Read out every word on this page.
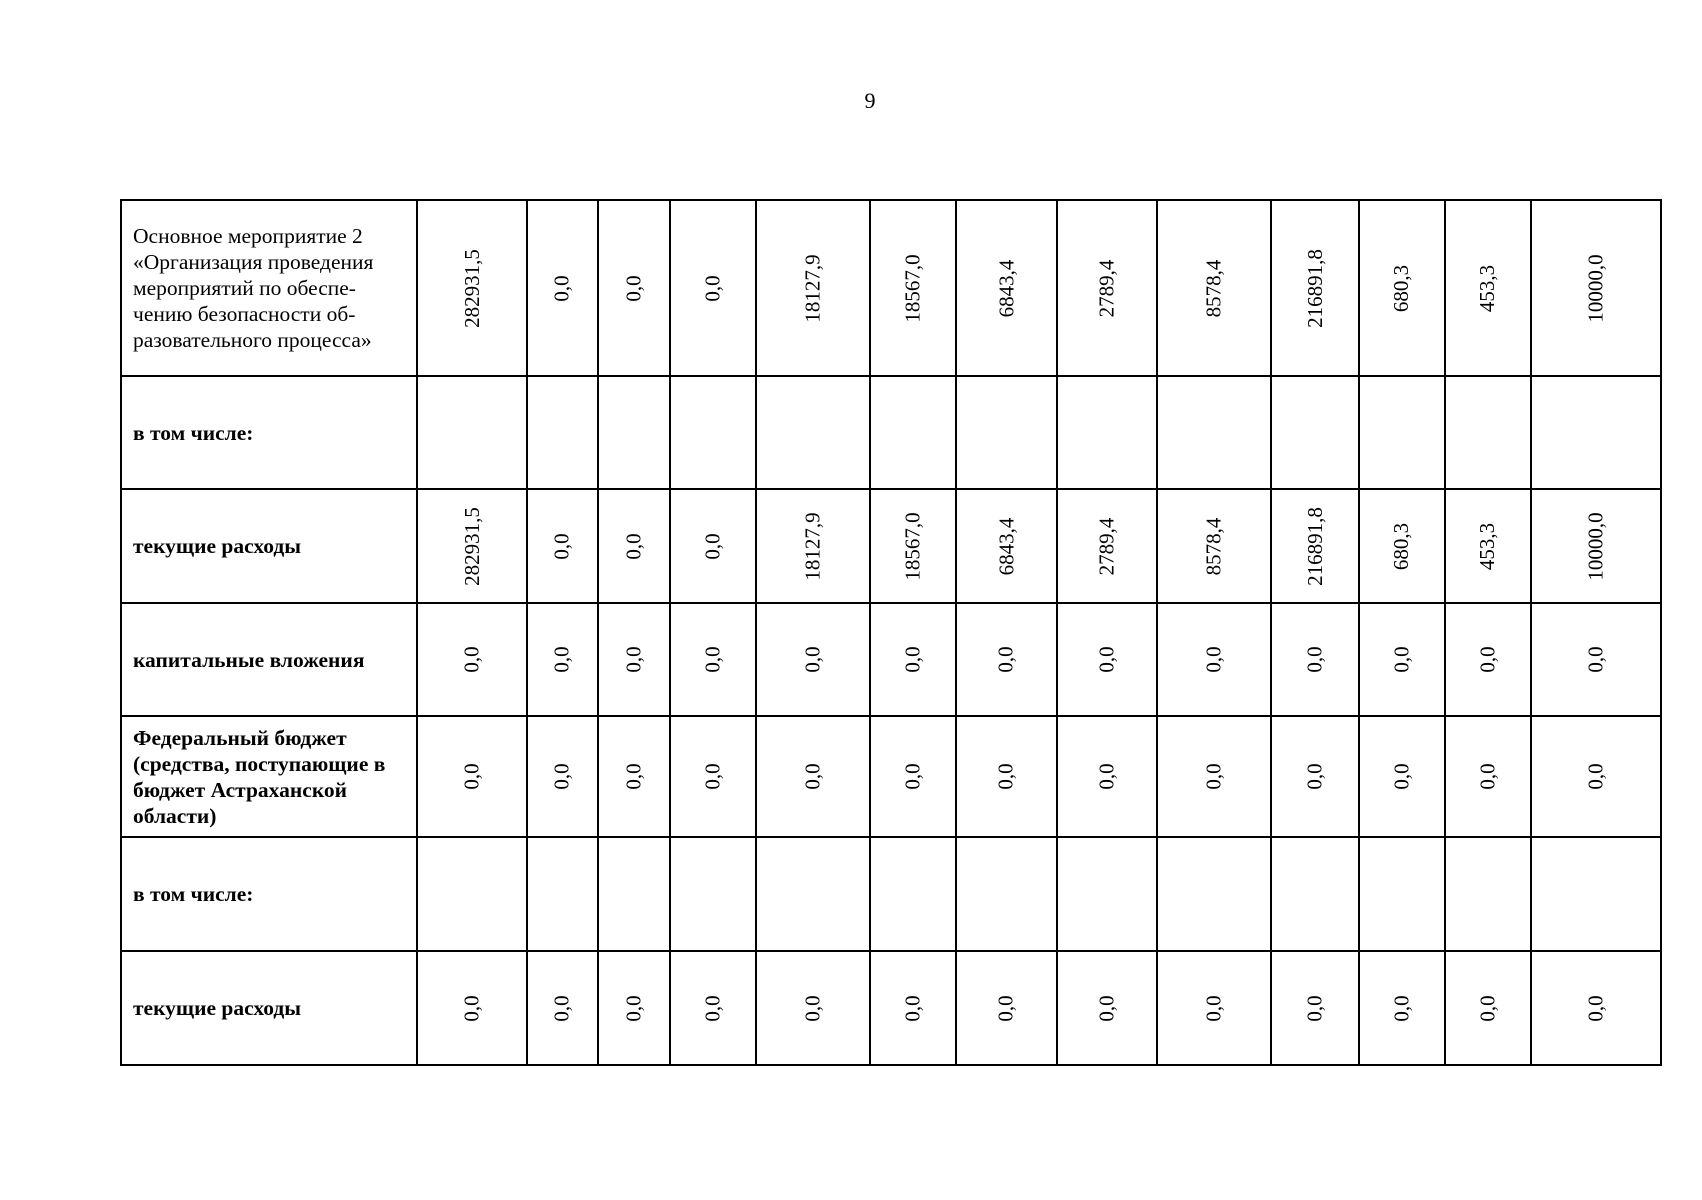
9
Основное мероприятие 2 «Организация проведения мероприятий по обеспе-чению безопасности об-разовательного процесса»	282931,5	0,0	0,0	0,0	18127,9	18567,0	6843,4	2789,4	8578,4	216891,8	680,3	453,3	10000,0
в том числе:													
текущие расходы	282931,5	0,0	0,0	0,0	18127,9	18567,0	6843,4	2789,4	8578,4	216891,8	680,3	453,3	10000,0
капитальные вложения	0,0	0,0	0,0	0,0	0,0	0,0	0,0	0,0	0,0	0,0	0,0	0,0	0,0
Федеральный бюджет (средства, поступающие в бюджет Астраханской области)	0,0	0,0	0,0	0,0	0,0	0,0	0,0	0,0	0,0	0,0	0,0	0,0	0,0
в том числе:													
текущие расходы	0,0	0,0	0,0	0,0	0,0	0,0	0,0	0,0	0,0	0,0	0,0	0,0	0,0
